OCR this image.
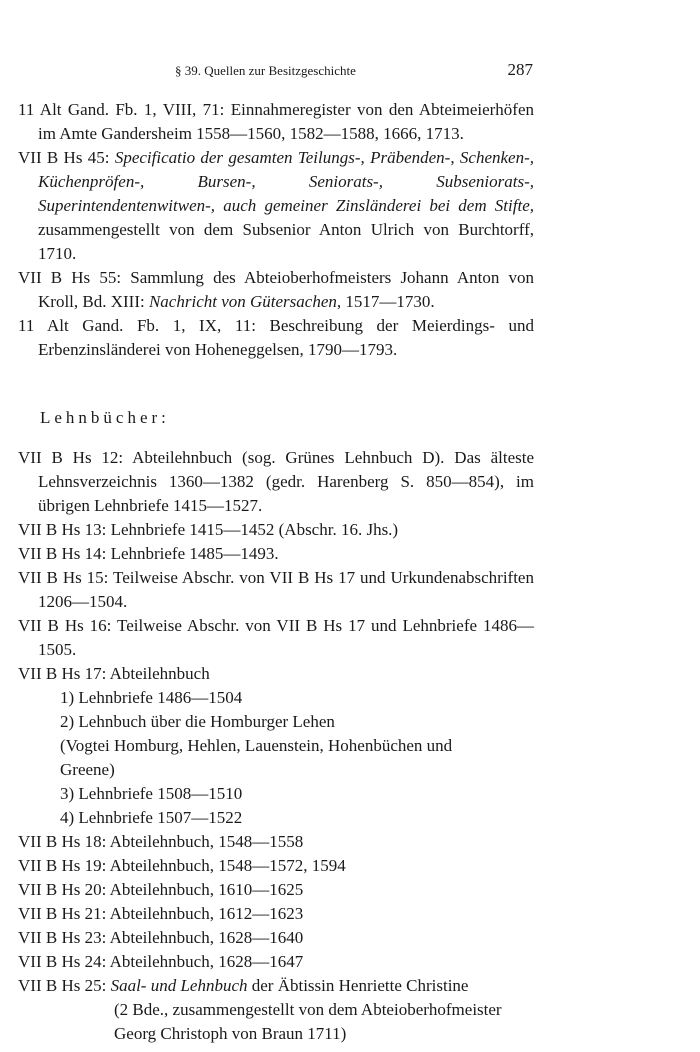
§ 39. Quellen zur Besitzgeschichte	287

11 Alt Gand. Fb. 1, VIII, 71: Einnahmeregister von den Abteimeierhöfen im Amte Gandersheim 1558—1560, 1582—1588, 1666, 1713.

VII B Hs 45: Specificatio der gesamten Teilungs-, Präbenden-, Schenken-, Küchenpröfen-, Bursen-, Seniorats-, Subseniorats-, Superintendentenwitwen-, auch gemeiner Zinsländerei bei dem Stifte, zusammengestellt von dem Subsenior Anton Ulrich von Burchtorff, 1710.

VII B Hs 55: Sammlung des Abteioberhofmeisters Johann Anton von Kroll, Bd. XIII: Nachricht von Gütersachen, 1517—1730.

11 Alt Gand. Fb. 1, IX, 11: Beschreibung der Meierdings- und Erbenzinsländerei von Hoheneggelsen, 1790—1793.

Lehnbücher:

VII B Hs 12: Abteilehnbuch (sog. Grünes Lehnbuch D). Das älteste Lehnsverzeichnis 1360—1382 (gedr. Harenberg S. 850—854), im übrigen Lehnbriefe 1415—1527.

VII B Hs 13: Lehnbriefe 1415—1452 (Abschr. 16. Jhs.)

VII B Hs 14: Lehnbriefe 1485—1493.

VII B Hs 15: Teilweise Abschr. von VII B Hs 17 und Urkundenabschriften 1206—1504.

VII B Hs 16: Teilweise Abschr. von VII B Hs 17 und Lehnbriefe 1486—1505.

VII B Hs 17: Abteilehnbuch
1) Lehnbriefe 1486—1504
2) Lehnbuch über die Homburger Lehen
(Vogtei Homburg, Hehlen, Lauenstein, Hohenbüchen und
Greene)
3) Lehnbriefe 1508—1510
4) Lehnbriefe 1507—1522

VII B Hs 18: Abteilehnbuch, 1548—1558

VII B Hs 19: Abteilehnbuch, 1548—1572, 1594

VII B Hs 20: Abteilehnbuch, 1610—1625

VII B Hs 21: Abteilehnbuch, 1612—1623

VII B Hs 23: Abteilehnbuch, 1628—1640

VII B Hs 24: Abteilehnbuch, 1628—1647

VII B Hs 25: Saal- und Lehnbuch der Äbtissin Henriette Christine
(2 Bde., zusammengestellt von dem Abteioberhofmeister
Georg Christoph von Braun 1711)
